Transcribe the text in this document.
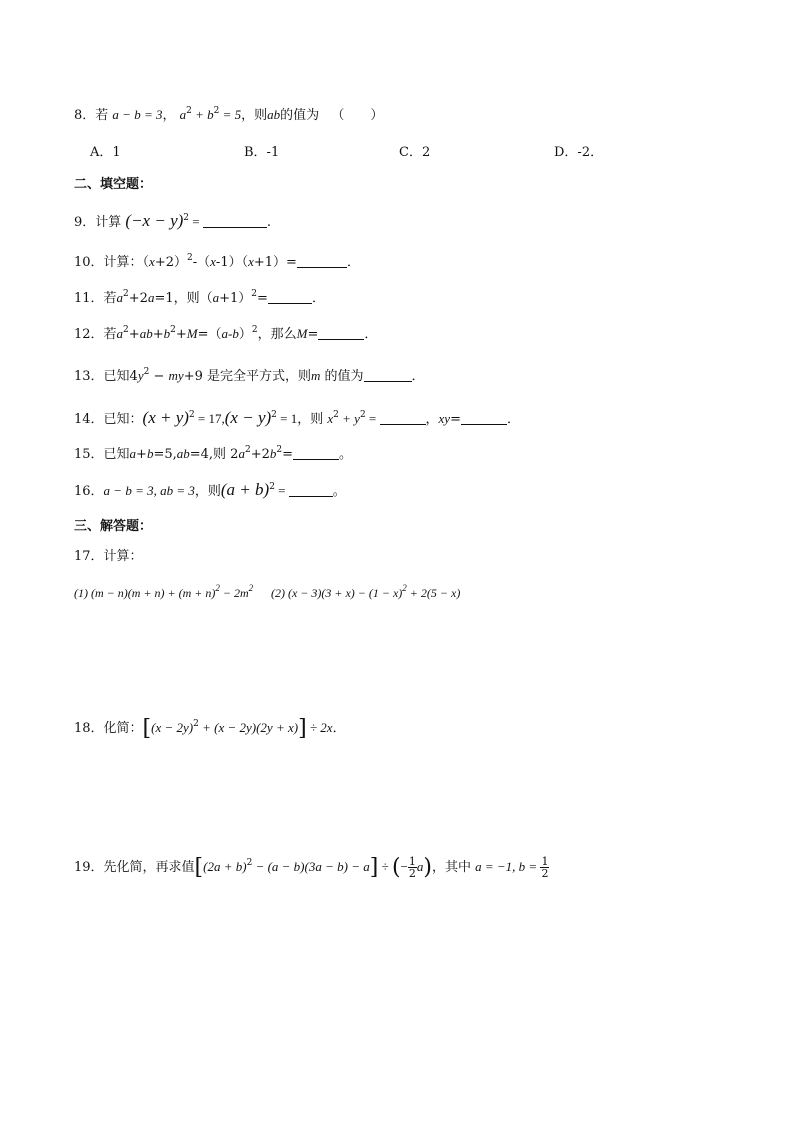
8．若 a − b = 3， $a^2 + b^2 = 5$，则ab的值为 （　　）
A．1	B．-1	C．2	D．-2．
二、填空题：
9．计算 $(-x - y)^2$ =	.
10．计算：$(x+2)^2-(x-1)(x+1)=$	．
11．若$a^2+2a=1$，则$(a+1)^2=$	．
12．若$a^2+ab+b^2+M=(a-b)^2$，那么M=	．
13．已知$4y^2 - my+9$ 是完全平方式，则m 的值为	．
14．已知：$(x + y)^2 = 17,(x - y)^2 = 1$，则 $x^2 + y^2$ =	，xy=	．
15．已知a+b=5,ab=4,则 $2a^2+2b^2=$	。
16．a − b = 3, ab = 3，则$(a + b)^2$ =	。
三、解答题：
17．计算：
(1) $(m - n)(m + n) + (m + n)^2 - 2m^2$ (2) $(x - 3)(3 + x) - (1 - x)^2 + 2(5 - x)$
18．化简：$[(x - 2y)^2 + (x - 2y)(2y + x)] \div 2x$．
19．先化简，再求值$[(2a + b)^2 - (a - b)(3a - b) - a]$ ÷ (− $\frac{1}{2} a$)，其中 a = −1, $b = \frac{1}{2}$
